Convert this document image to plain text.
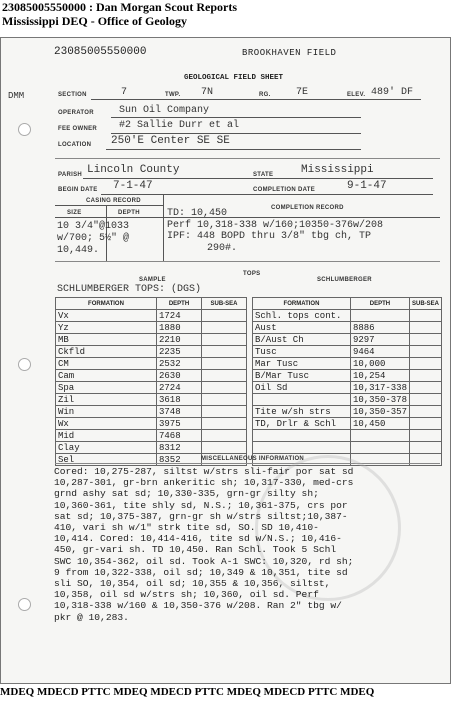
23085005550000 : Dan Morgan Scout Reports
Mississippi DEQ - Office of Geology
23085005550000	BROOKHAVEN FIELD
GEOLOGICAL FIELD SHEET
DMM	SECTION	7	TWP. 7N	RG.	7E	ELEV. 489' DF
OPERATOR	Sun Oil Company
FEE OWNER #2 Sallie Durr et al
LOCATION 250'E Center SE SE
PARISH Lincoln County	STATE	Mississippi
BEGIN DATE 7-1-47	COMPLETION DATE	9-1-47
CASING RECORD
COMPLETION RECORD
SIZE	DEPTH
10 3/4"@1033
w/700; 5½" @
10,449.
TD: 10,450
Perf 10,318-338 w/160;10350-376w/208
IPF: 448 BOPD thru 3/8" tbg ch, TP
290#.
SAMPLE
TOPS
SCHLUMBERGER
SCHLUMBERGER TOPS: (DGS)
FORMATION	DEPTH	SUB-SEA
Vx	1724	
Yz	1880	
MB	2210	
Ckfld	2235	
CM	2532	
Cam	2630	
Spa	2724	
Zil	3618	
Win	3748	
Wx	3975	
Mid	7468	
Clay	8312	
Sel	8352	
FORMATION	DEPTH	SUB-SEA
Schl. tops cont.		
Aust	8886	
B/Aust Ch	9297	
Tusc	9464	
Mar Tusc	10,000	
B/Mar Tusc	10,254	
Oil Sd	10,317-338	
	10,350-378	
Tite w/sh strs	10,350-357	
TD, Drlr & Schl	10,450	

MISCELLANEOUS INFORMATION
Cored: 10,275-287, siltst w/strs sli-fair por sat sd
10,287-301, gr-brn ankeritic sh; 10,317-330, med-crs
grnd ashy sat sd; 10,330-335, grn-gr silty sh;
10,360-361, tite shly sd, N.S.; 10,361-375, crs por
sat sd; 10,375-387, grn-gr sh w/strs siltst;10,387-
410, vari sh w/1" strk tite sd, SO. SD 10,410-
10,414. Cored: 10,414-416, tite sd w/N.S.; 10,416-
450, gr-vari sh. TD 10,450. Ran Schl. Took 5 Schl
SWC 10,354-362, oil sd. Took A-1 SWC: 10,320, rd sh;
9 from 10,322-338, oil sd; 10,349 & 10,351, tite sd
sli SO, 10,354, oil sd; 10,355 & 10,356, siltst,
10,358, oil sd w/strs sh; 10,360, oil sd. Perf
10,318-338 w/160 & 10,350-376 w/208. Ran 2" tbg w/
pkr @ 10,283.
MDEQ MDECD PTTC MDEQ MDECD PTTC MDEQ MDECD PTTC MDEQ
